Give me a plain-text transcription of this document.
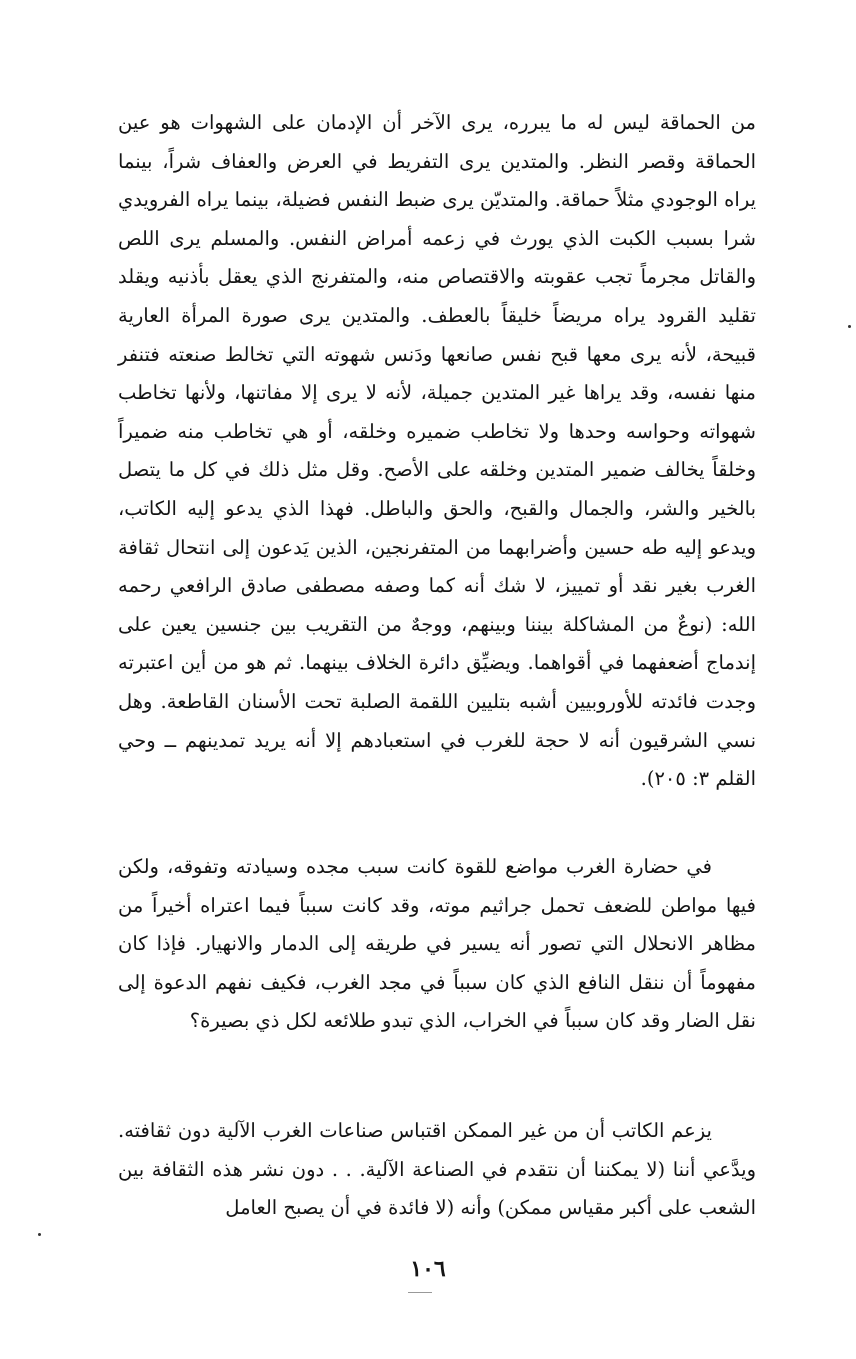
من الحماقة ليس له ما يبرره، يرى الآخر أن الإدمان على الشهوات هو عين الحماقة وقصر النظر. والمتدين يرى التفريط في العرض والعفاف شراً، بينما يراه الوجودي مثلاً حماقة. والمتديّن يرى ضبط النفس فضيلة، بينما يراه الفرويدي شرا بسبب الكبت الذي يورث في زعمه أمراض النفس. والمسلم يرى اللص والقاتل مجرماً تجب عقوبته والاقتصاص منه، والمتفرنج الذي يعقل بأذنيه ويقلد تقليد القرود يراه مريضاً خليقاً بالعطف. والمتدين يرى صورة المرأة العارية قبيحة، لأنه يرى معها قبح نفس صانعها ودَنس شهوته التي تخالط صنعته فتنفر منها نفسه، وقد يراها غير المتدين جميلة، لأنه لا يرى إلا مفاتنها، ولأنها تخاطب شهواته وحواسه وحدها ولا تخاطب ضميره وخلقه، أو هي تخاطب منه ضميراً وخلقاً يخالف ضمير المتدين وخلقه على الأصح. وقل مثل ذلك في كل ما يتصل بالخير والشر، والجمال والقبح، والحق والباطل. فهذا الذي يدعو إليه الكاتب، ويدعو إليه طه حسين وأضرابهما من المتفرنجين، الذين يَدعون إلى انتحال ثقافة الغرب بغير نقد أو تمييز، لا شك أنه كما وصفه مصطفى صادق الرافعي رحمه الله: (نوعٌ من المشاكلة بيننا وبينهم، ووجهٌ من التقريب بين جنسين يعين على إندماج أضعفهما في أقواهما. ويضيِّق دائرة الخلاف بينهما. ثم هو من أين اعتبرته وجدت فائدته للأوروبيين أشبه بتليين اللقمة الصلبة تحت الأسنان القاطعة. وهل نسي الشرقيون أنه لا حجة للغرب في استعبادهم إلا أنه يريد تمدينهم ــ وحي القلم ٣: ٢٠٥).

في حضارة الغرب مواضع للقوة كانت سبب مجده وسيادته وتفوقه، ولكن فيها مواطن للضعف تحمل جراثيم موته، وقد كانت سبباً فيما اعتراه أخيراً من مظاهر الانحلال التي تصور أنه يسير في طريقه إلى الدمار والانهيار. فإذا كان مفهوماً أن ننقل النافع الذي كان سبباً في مجد الغرب، فكيف نفهم الدعوة إلى نقل الضار وقد كان سبباً في الخراب، الذي تبدو طلائعه لكل ذي بصيرة؟

يزعم الكاتب أن من غير الممكن اقتباس صناعات الغرب الآلية دون ثقافته. ويدَّعي أننا (لا يمكننا أن نتقدم في الصناعة الآلية. . . دون نشر هذه الثقافة بين الشعب على أكبر مقياس ممكن) وأنه (لا فائدة في أن يصبح العامل

١٠٦
